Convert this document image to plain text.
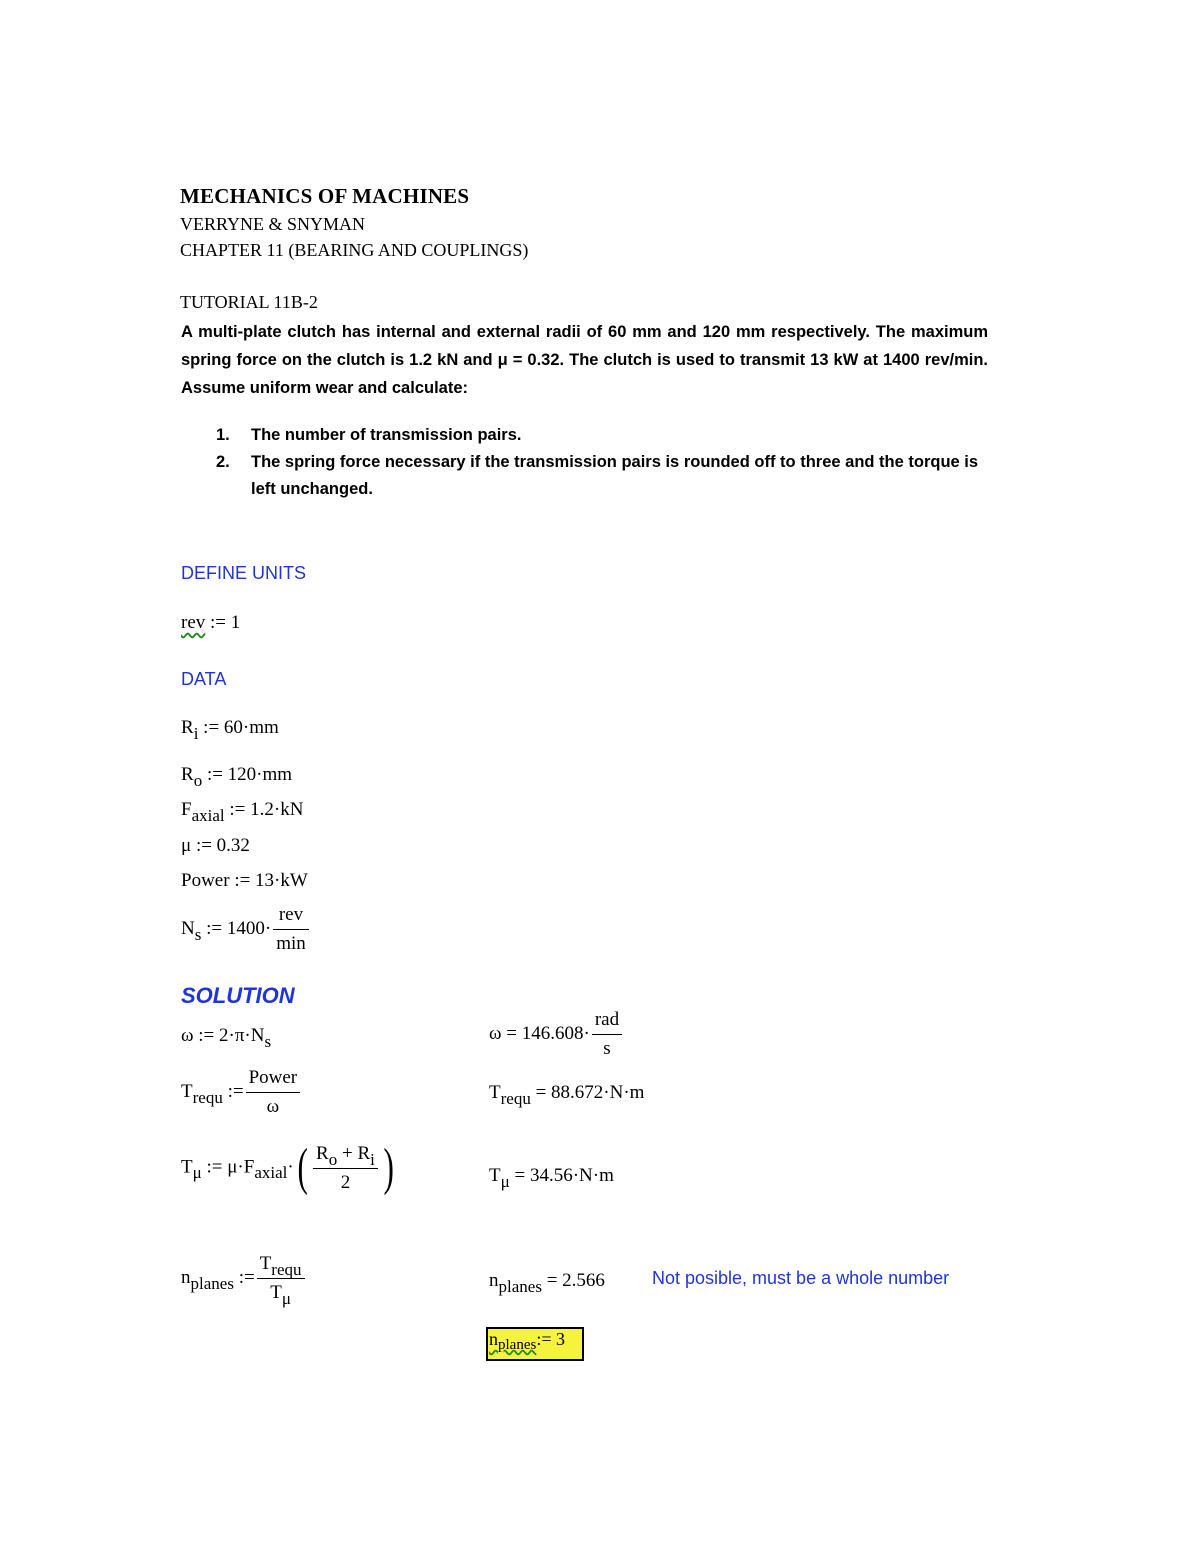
MECHANICS OF MACHINES
VERRYNE & SNYMAN
CHAPTER 11 (BEARING AND COUPLINGS)
TUTORIAL 11B-2
A multi-plate clutch has internal and external radii of 60 mm and 120 mm respectively. The maximum spring force on the clutch is 1.2 kN and μ = 0.32. The clutch is used to transmit 13 kW at 1400 rev/min. Assume uniform wear and calculate:
1. The number of transmission pairs.
2. The spring force necessary if the transmission pairs is rounded off to three and the torque is left unchanged.
DEFINE UNITS
rev := 1
DATA
Ri := 60·mm
Ro := 120·mm
Faxial := 1.2·kN
μ := 0.32
Power := 13·kW
Ns := $1400\cdot \frac{\text{rev}}{\min}$
SOLUTION
ω := 2·π·Ns	$\omega = 146.608\cdot \frac{\text{rad}}{s}$
Trequ := $\frac{\text{Power}}{\omega}$	Trequ = 88.672·N·m
Tμ := μ·Faxial·( $\frac{Ro + Ri}{2}$ )	Tμ = 34.56·N·m
nplanes := $\frac{\text{Trequ}}{T\mu}$	nplanes = 2.566	Not posible, must be a whole number
$n_{planes}:= 3$
